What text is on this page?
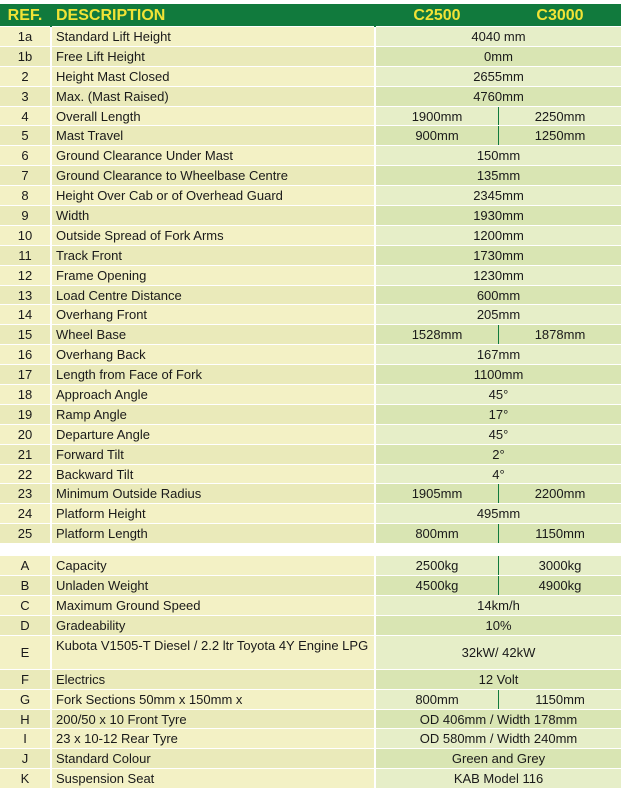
REF. DESCRIPTION	C2500	C3000
1a	Standard Lift Height	4040 mm
1b	Free Lift Height	0mm
2	Height Mast Closed	2655mm
3	Max. (Mast Raised)	4760mm
4	Overall Length	1900mm	2250mm
5	Mast Travel	900mm	1250mm
6	Ground Clearance Under Mast	150mm
7	Ground Clearance to Wheelbase Centre	135mm
8	Height Over Cab or of Overhead Guard	2345mm
9	Width	1930mm
10	Outside Spread of Fork Arms	1200mm
11	Track Front	1730mm
12	Frame Opening	1230mm
13	Load Centre Distance	600mm
14	Overhang Front	205mm
15	Wheel Base	1528mm	1878mm
16	Overhang Back	167mm
17	Length from Face of Fork	1100mm
18	Approach Angle	45°
19	Ramp Angle	17°
20	Departure Angle	45°
21	Forward Tilt	2°
22	Backward Tilt	4°
23	Minimum Outside Radius	1905mm	2200mm
24	Platform Height	495mm
25	Platform Length	800mm	1150mm
A	Capacity	2500kg	3000kg
B	Unladen Weight	4500kg	4900kg
C	Maximum Ground Speed	14km/h
D	Gradeability	10%
E	Kubota V1505-T Diesel / 2.2 ltr Toyota 4Y Engine LPG	32kW/ 42kW
F	Electrics	12 Volt
G	Fork Sections 50mm x 150mm x	800mm	1150mm
H	200/50 x 10 Front Tyre	OD 406mm / Width 178mm
I	23 x 10-12 Rear Tyre	OD 580mm / Width 240mm
J	Standard Colour	Green and Grey
K	Suspension Seat	KAB Model 116
